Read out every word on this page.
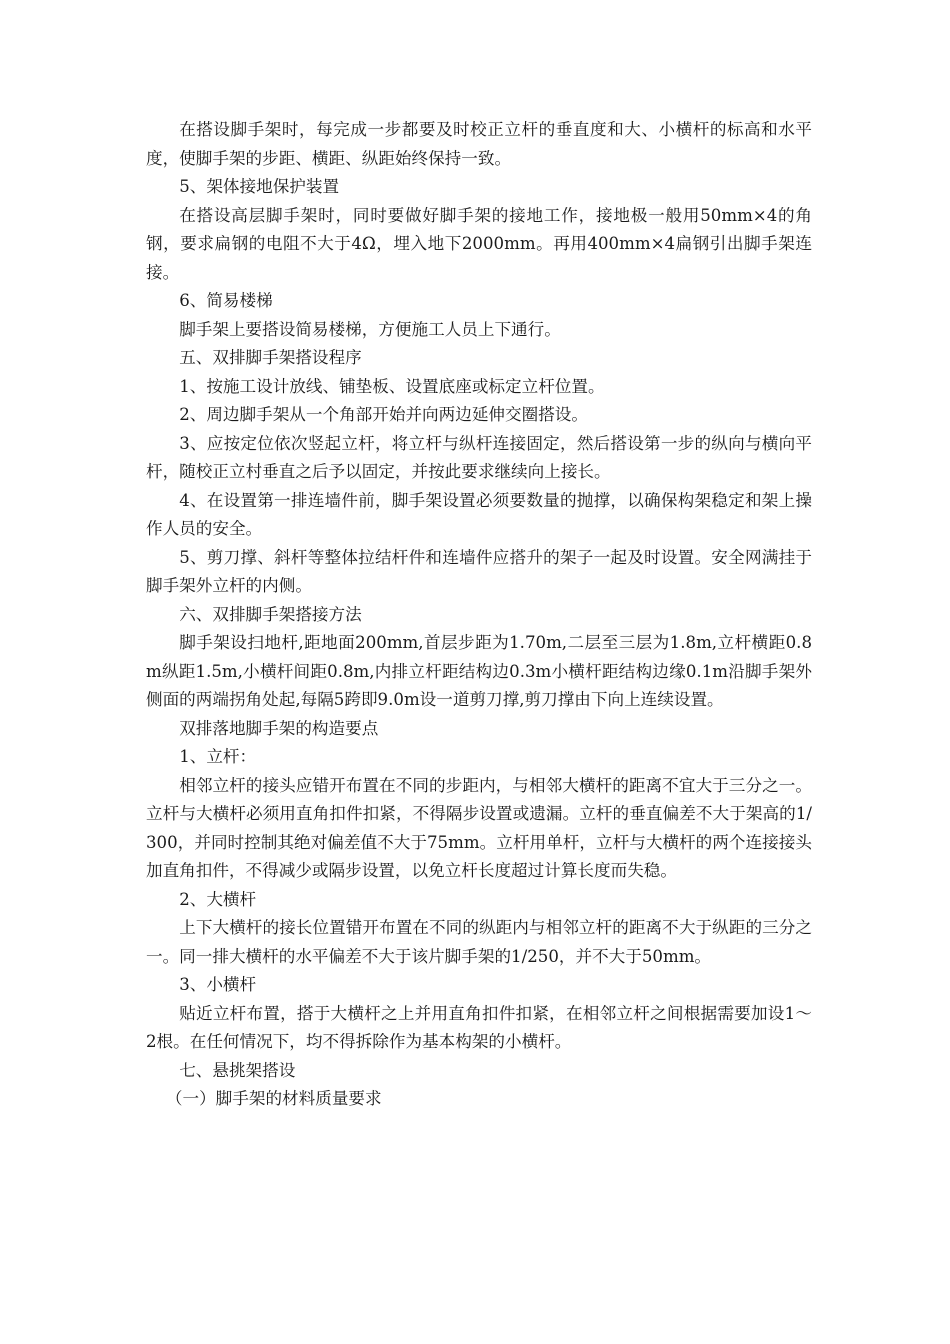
在搭设脚手架时，每完成一步都要及时校正立杆的垂直度和大、小横杆的标高和水平度，使脚手架的步距、横距、纵距始终保持一致。

5、架体接地保护装置

在搭设高层脚手架时，同时要做好脚手架的接地工作，接地极一般用50mm×4的角钢，要求扁钢的电阻不大于4Ω，埋入地下2000mm。再用400mm×4扁钢引出脚手架连接。

6、简易楼梯

脚手架上要搭设简易楼梯，方便施工人员上下通行。

五、双排脚手架搭设程序

1、按施工设计放线、铺垫板、设置底座或标定立杆位置。

2、周边脚手架从一个角部开始并向两边延伸交圈搭设。

3、应按定位依次竖起立杆，将立杆与纵杆连接固定，然后搭设第一步的纵向与横向平杆，随校正立村垂直之后予以固定，并按此要求继续向上接长。

4、在设置第一排连墙件前，脚手架设置必须要数量的抛撑，以确保构架稳定和架上操作人员的安全。

5、剪刀撑、斜杆等整体拉结杆件和连墙件应搭升的架子一起及时设置。安全网满挂于脚手架外立杆的内侧。

六、双排脚手架搭接方法

脚手架设扫地杆,距地面200mm,首层步距为1.70m,二层至三层为1.8m,立杆横距0.8m纵距1.5m,小横杆间距0.8m,内排立杆距结构边0.3m小横杆距结构边缘0.1m沿脚手架外侧面的两端拐角处起,每隔5跨即9.0m设一道剪刀撑,剪刀撑由下向上连续设置。

双排落地脚手架的构造要点

1、立杆：

相邻立杆的接头应错开布置在不同的步距内，与相邻大横杆的距离不宜大于三分之一。立杆与大横杆必须用直角扣件扣紧，不得隔步设置或遗漏。立杆的垂直偏差不大于架高的1/300，并同时控制其绝对偏差值不大于75mm。立杆用单杆，立杆与大横杆的两个连接接头加直角扣件，不得减少或隔步设置，以免立杆长度超过计算长度而失稳。

2、大横杆

上下大横杆的接长位置错开布置在不同的纵距内与相邻立杆的距离不大于纵距的三分之一。同一排大横杆的水平偏差不大于该片脚手架的1/250，并不大于50mm。

3、小横杆

贴近立杆布置，搭于大横杆之上并用直角扣件扣紧，在相邻立杆之间根据需要加设1～2根。在任何情况下，均不得拆除作为基本构架的小横杆。

七、悬挑架搭设

（一）脚手架的材料质量要求
